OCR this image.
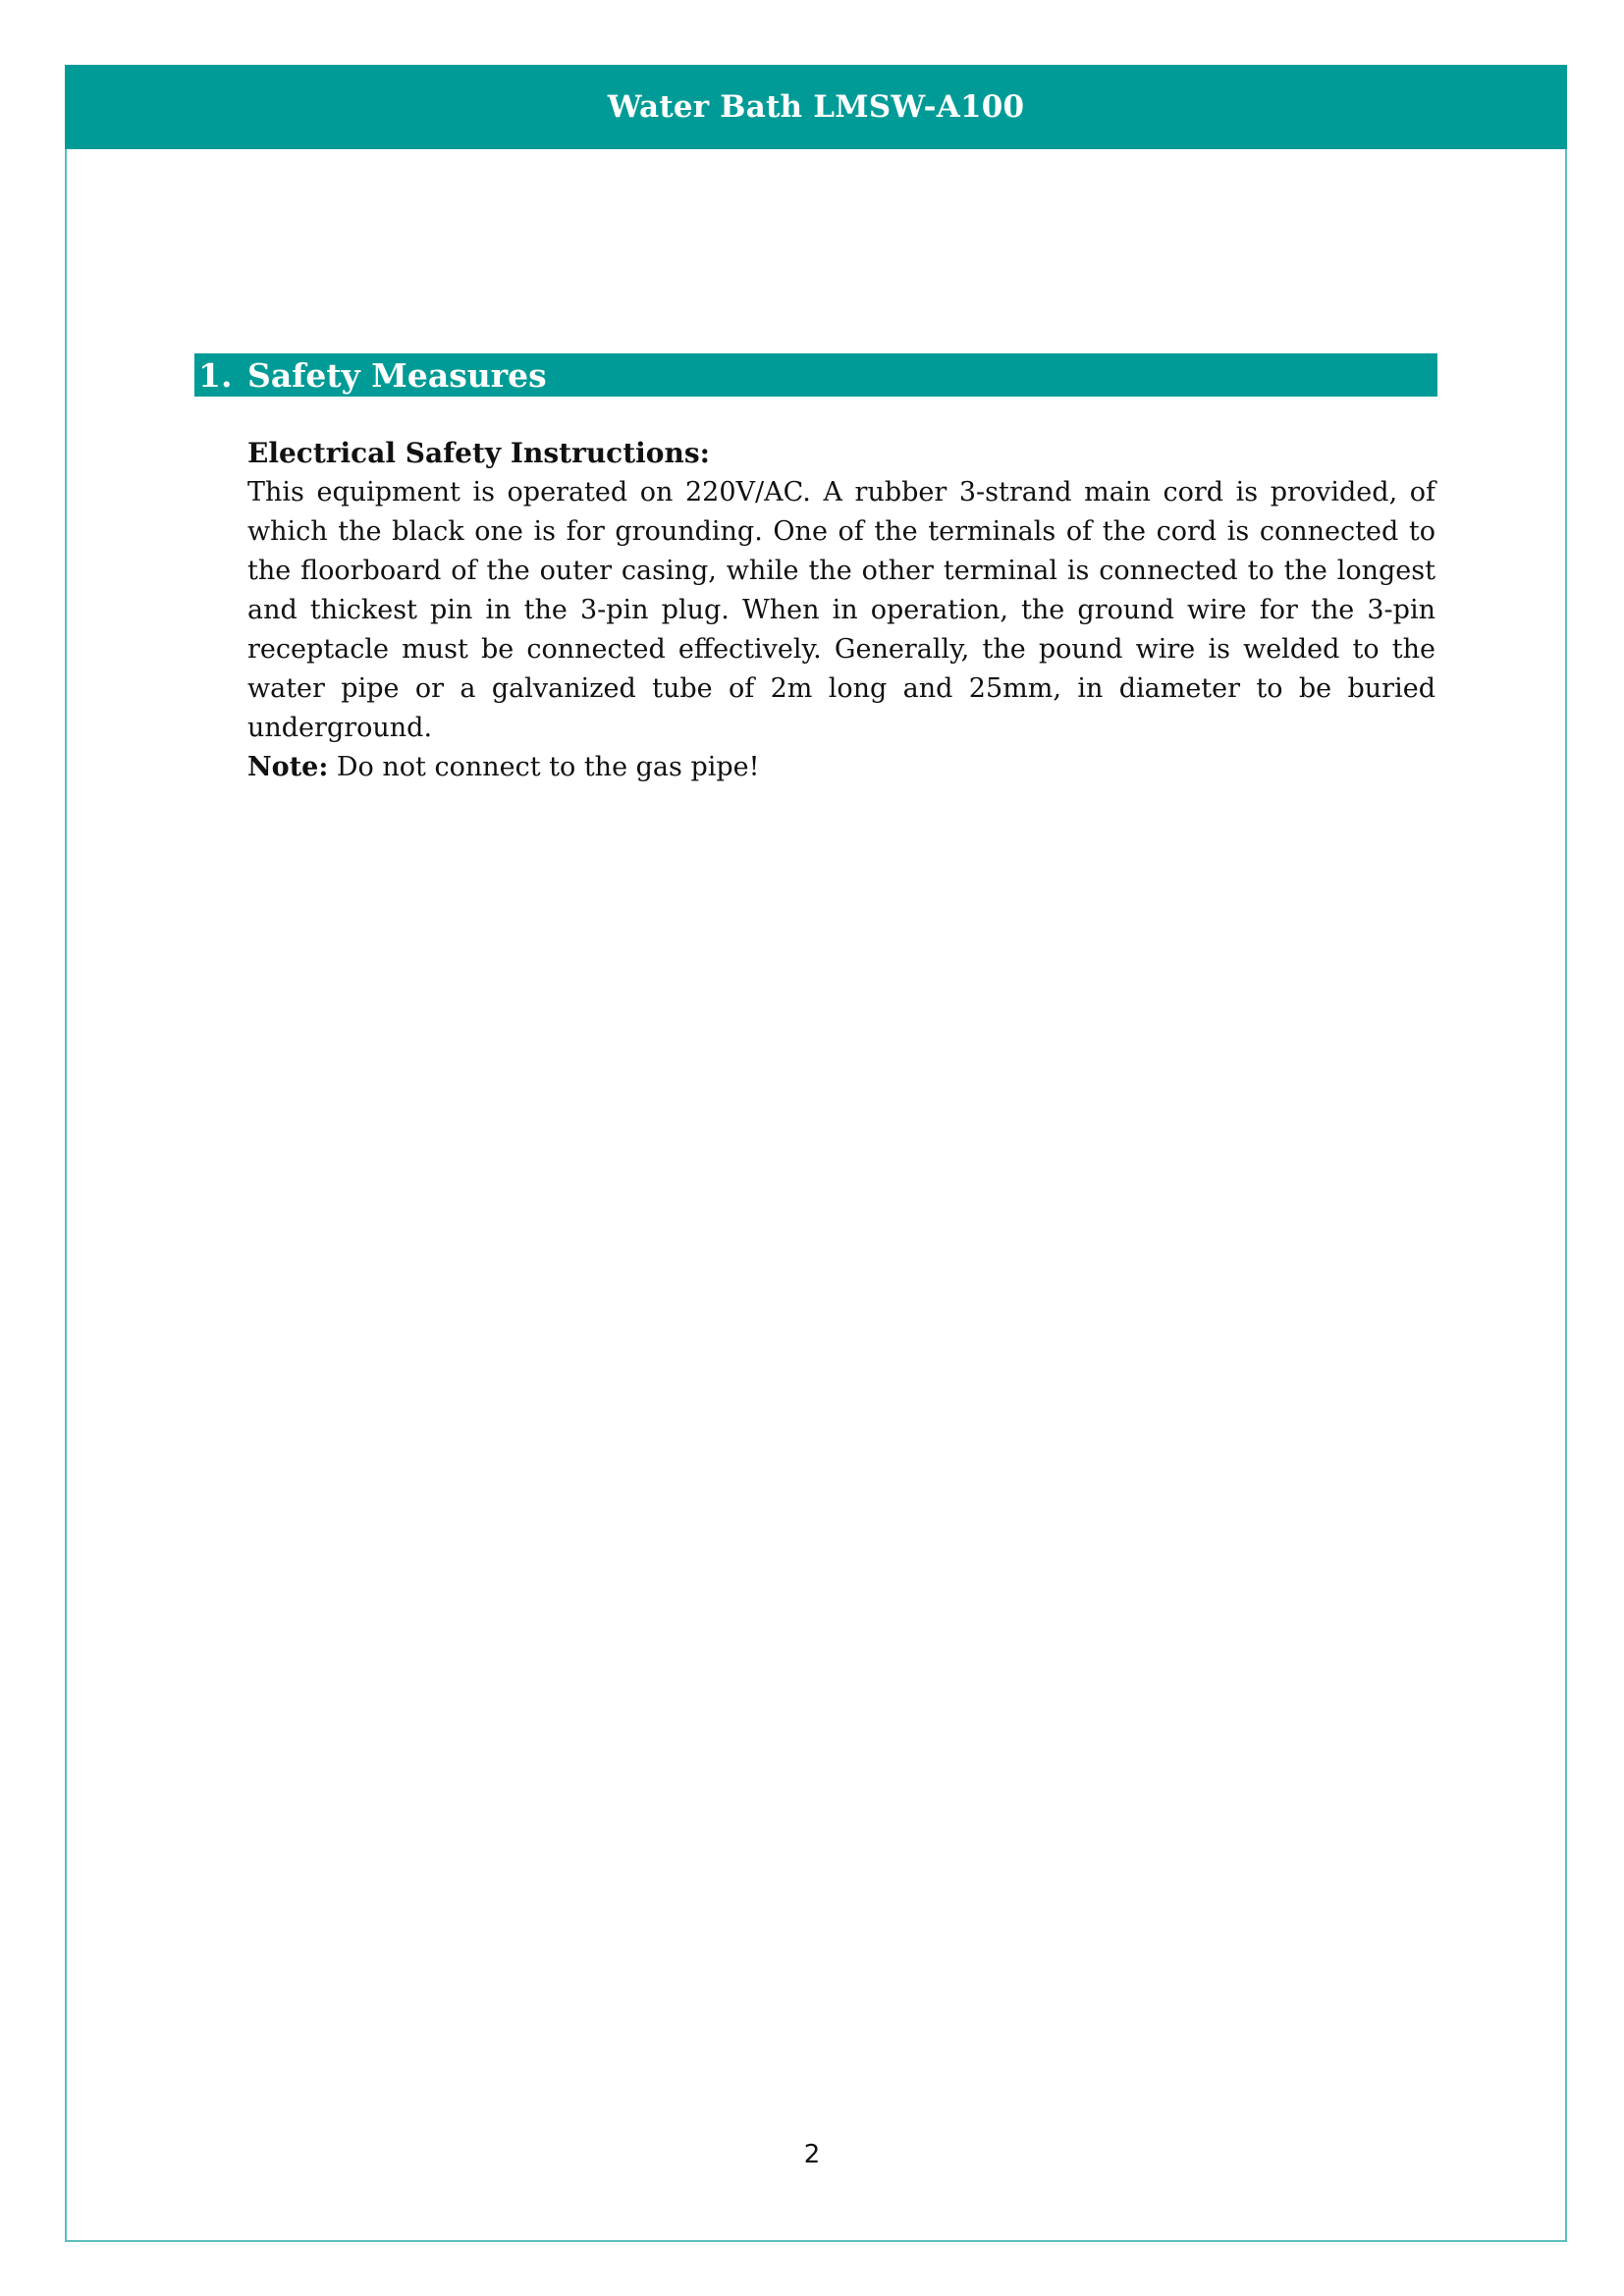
Water Bath LMSW-A100
1. Safety Measures

Electrical Safety Instructions:

This equipment is operated on 220V/AC. A rubber 3-strand main cord is provided, of which the black one is for grounding. One of the terminals of the cord is connected to the floorboard of the outer casing, while the other terminal is connected to the longest and thickest pin in the 3-pin plug. When in operation, the ground wire for the 3-pin receptacle must be connected effectively. Generally, the pound wire is welded to the water pipe or a galvanized tube of 2m long and 25mm, in diameter to be buried underground.

Note: Do not connect to the gas pipe!

2
